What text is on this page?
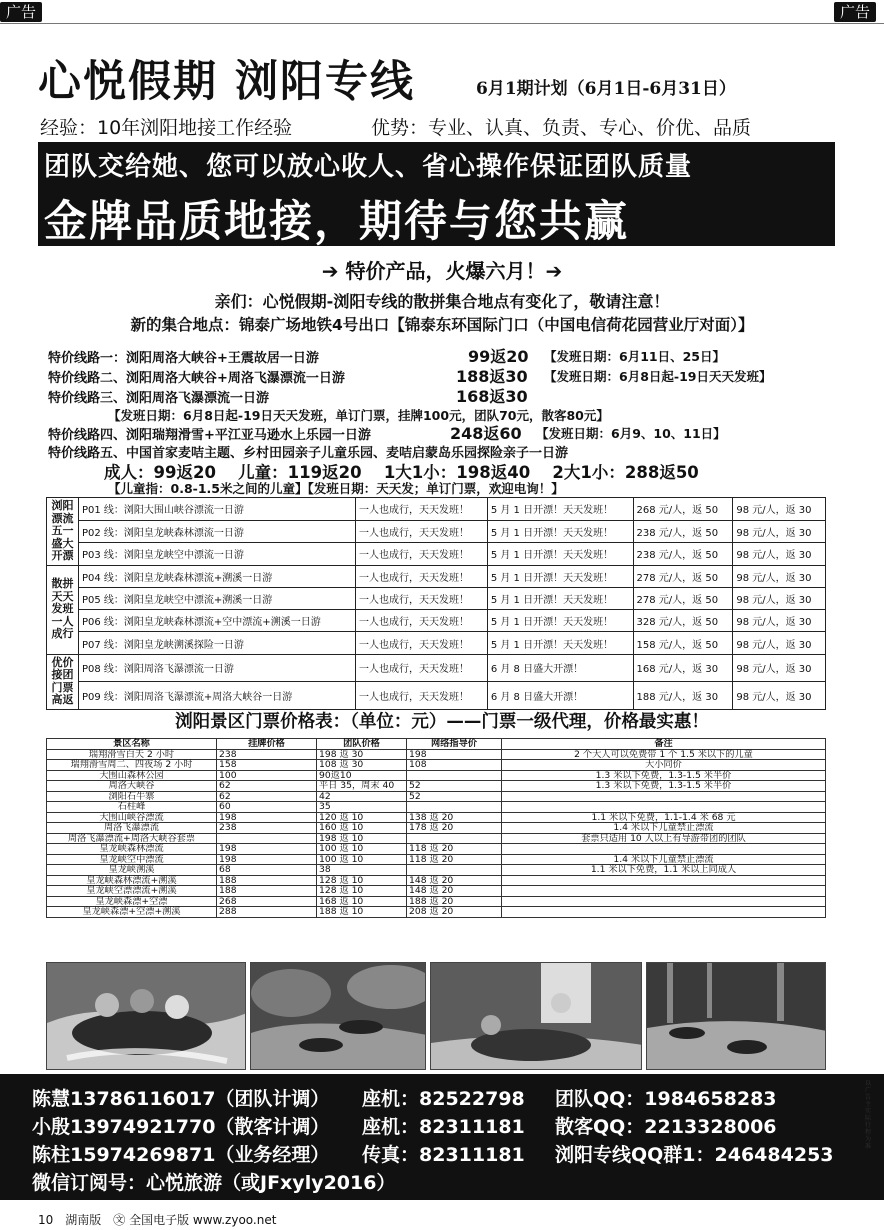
广告	广告
心悦假期 浏阳专线	6月1期计划（6月1日-6月31日）
经验：10年浏阳地接工作经验	优势：专业、认真、负责、专心、价优、品质
团队交给她、您可以放心收人、省心操作保证团队质量
金牌品质地接，期待与您共赢
➔ 特价产品，火爆六月！➔
亲们：心悦假期-浏阳专线的散拼集合地点有变化了，敬请注意！
新的集合地点：锦泰广场地铁4号出口【锦泰东环国际门口（中国电信荷花园营业厅对面）】
特价线路一：浏阳周洛大峡谷+王震故居一日游	99返20 【发班日期：6月11日、25日】
特价线路二、浏阳周洛大峡谷+周洛飞瀑漂流一日游	188返30 【发班日期：6月8日起-19日天天发班】
特价线路三、浏阳周洛飞瀑漂流一日游	168返30
【发班日期：6月8日起-19日天天发班，单订门票，挂牌100元，团队70元，散客80元】
特价线路四、浏阳瑞翔滑雪+平江亚马逊水上乐园一日游	248返60 【发班日期：6月9、10、11日】
特价线路五、中国首家麦咭主题、乡村田园亲子儿童乐园、麦咭启蒙岛乐园探险亲子一日游
成人：99返20　 儿童：119返20　 1大1小：198返40　 2大1小：288返50
【儿童指：0.8-1.5米之间的儿童】【发班日期：天天发；单订门票，欢迎电询！】
浏阳漂流五一盛大开漂	P01 线：浏阳大围山峡谷漂流一日游	一人也成行，天天发班！	5 月 1 日开漂！天天发班！	268 元/人，返 50	98 元/人，返 30
	P02 线：浏阳皇龙峡森林漂流一日游	一人也成行，天天发班！	5 月 1 日开漂！天天发班！	238 元/人，返 50	98 元/人，返 30
	P03 线：浏阳皇龙峡空中漂流一日游	一人也成行，天天发班！	5 月 1 日开漂！天天发班！	238 元/人，返 50	98 元/人，返 30
散拼天天发班一人成行	P04 线：浏阳皇龙峡森林漂流+溯溪一日游	一人也成行，天天发班！	5 月 1 日开漂！天天发班！	278 元/人，返 50	98 元/人，返 30
	P05 线：浏阳皇龙峡空中漂流+溯溪一日游	一人也成行，天天发班！	5 月 1 日开漂！天天发班！	278 元/人，返 50	98 元/人，返 30
	P06 线：浏阳皇龙峡森林漂流+空中漂流+溯溪一日游	一人也成行，天天发班！	5 月 1 日开漂！天天发班！	328 元/人，返 50	98 元/人，返 30
	P07 线：浏阳皇龙峡溯溪探险一日游	一人也成行，天天发班！	5 月 1 日开漂！天天发班！	158 元/人，返 50	98 元/人，返 30
优价接团门票高返	P08 线：浏阳周洛飞瀑漂流一日游	一人也成行，天天发班！	6 月 8 日盛大开漂！	168 元/人，返 30	98 元/人，返 30
	P09 线：浏阳周洛飞瀑漂流+周洛大峡谷一日游	一人也成行，天天发班！	6 月 8 日盛大开漂！	188 元/人，返 30	98 元/人，返 30
浏阳景区门票价格表：（单位：元）——门票一级代理，价格最实惠！
景区名称	挂牌价格	团队价格	网络指导价	备注
瑞翔滑雪白天 2 小时	238	198 返 30	198	2 个大人可以免费带 1 个 1.5 米以下的儿童
瑞翔滑雪周二、四夜场 2 小时	158	108 返 30	108	大小同价
大围山森林公园	100	90返10		1.3 米以下免费，1.3-1.5 米半价
周洛大峡谷	62	平日 35，周末 40	52	1.3 米以下免费，1.3-1.5 米半价
浏阳石牛寨	62	42	52	
石柱峰	60	35		
大围山峡谷漂流	198	120 返 10	138 返 20	1.1 米以下免费，1.1-1.4 米 68 元
周洛飞瀑漂流	238	160 返 10	178 返 20	1.4 米以下儿童禁止漂流
周洛飞瀑漂流+周洛大峡谷套票		198 返 10		套票只适用 10 人以上有导游带团的团队
皇龙峡森林漂流	198	100 返 10	118 返 20	
皇龙峡空中漂流	198	100 返 10	118 返 20	1.4 米以下儿童禁止漂流
皇龙峡溯溪	68	38		1.1 米以下免费，1.1 米以上同成人
皇龙峡森林漂流+溯溪	188	128 返 10	148 返 20	
皇龙峡空漂漂流+溯溪	188	128 返 10	148 返 20	
皇龙峡森漂+空漂	268	168 返 10	188 返 20	
皇龙峡森漂+空漂+溯溪	288	188 返 10	208 返 20	
陈慧13786116017（团队计调） 座机：82522798 团队QQ：1984658283
小殷13974921770（散客计调） 座机：82311181 散客QQ：2213328006
陈柱15974269871（业务经理） 传真：82311181 浏阳专线QQ群1：246484253
微信订阅号：心悦旅游（或JFxyly2016）
10　湖南版　㉆ 全国电子版 www.zyoo.net
以广告主实际行程为准
